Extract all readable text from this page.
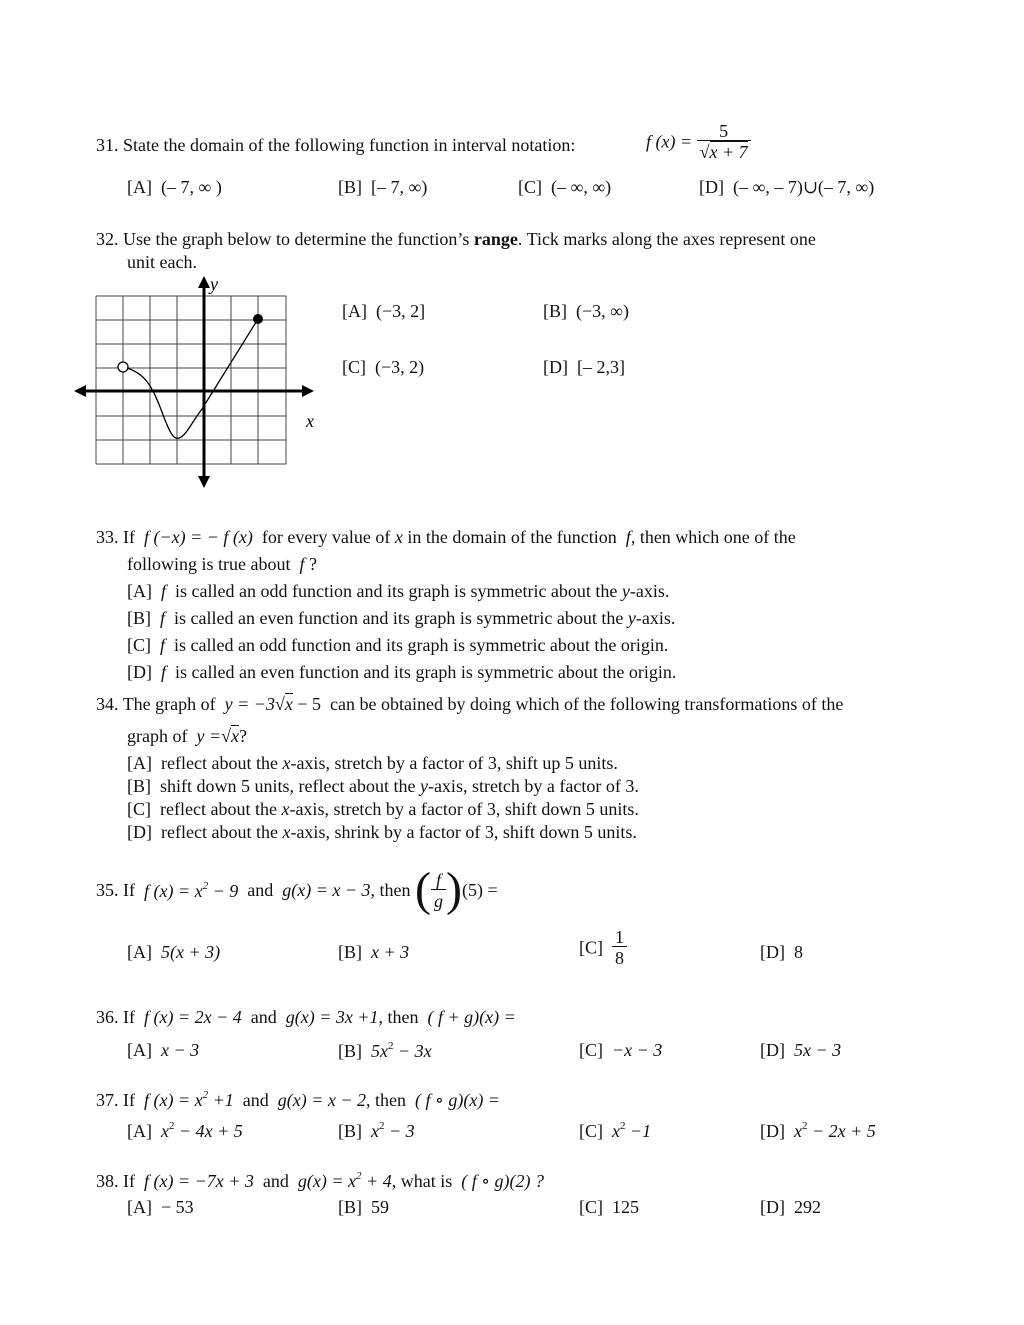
31. State the domain of the following function in interval notation:	f $(x) = \frac{5}{√x + 7}$
[A] (– 7, ∞ )	[B] [– 7, ∞)	[C] (– ∞, ∞)	[D] (– ∞, – 7)∪(– 7, ∞)
32. Use the graph below to determine the function’s range. Tick marks along the axes represent one
unit each.
y
x
[A] (−3, 2]	[B] (−3, ∞)
[C] (−3, 2)	[D] [– 2,3]
33. If f (−x) = − f (x) for every value of x in the domain of the function f, then which one of the
following is true about f ?
[A] f is called an odd function and its graph is symmetric about the y-axis.
[B] f is called an even function and its graph is symmetric about the y-axis.
[C] f is called an odd function and its graph is symmetric about the origin.
[D] f is called an even function and its graph is symmetric about the origin.
34. The graph of y = −3√x − 5 can be obtained by doing which of the following transformations of the
graph of y =√x?
[A] reflect about the x-axis, stretch by a factor of 3, shift up 5 units.
[B] shift down 5 units, reflect about the y-axis, stretch by a factor of 3.
[C] reflect about the x-axis, stretch by a factor of 3, shift down 5 units.
[D] reflect about the x-axis, shrink by a factor of 3, shift down 5 units.
35. If f $(x) = x^2 - 9$ and g(x) = x − 3, then ( $\frac{f}{g} )(5)$ =
[A] 5(x + 3)	[B] x + 3	$[C] \frac{1}{8}$	[D] 8
36. If f (x) = 2x − 4 and g(x) = 3x +1, then ( f + g)(x) =
[A] x − 3	[B] $5x^2 - 3x$	[C] −x − 3	[D] 5x − 3
37. If f $(x) = x^2 +1$ and g(x) = x − 2, then ( f ∘ g)(x) =
[A] $x^2 - 4x + 5$	[B] $x^2 - 3$	[C] $x^2 -1$	[D] $x^2 - 2x + 5$
38. If f (x) = −7x + 3 and $g(x) = x^2 + 4$, what is ( f ∘ g)(2) ?
[A] − 53	[B] 59	[C] 125	[D] 292
